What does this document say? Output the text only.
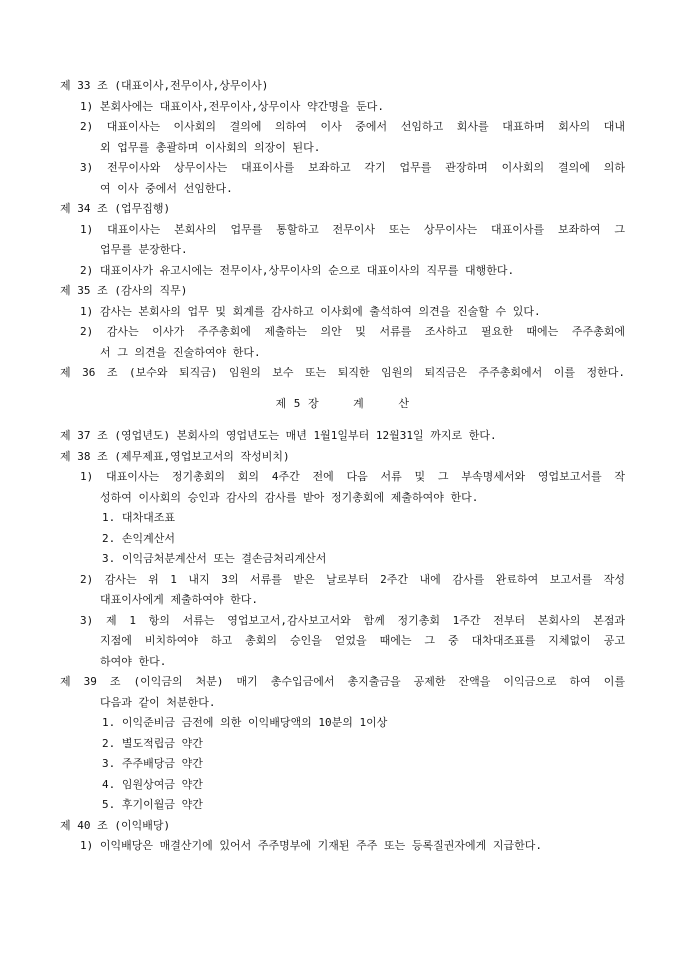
제 33 조 (대표이사,전무이사,상무이사)
1) 본회사에는 대표이사,전무이사,상무이사 약간명을 둔다.
2) 대표이사는 이사회의 결의에 의하여 이사 중에서 선임하고 회사를 대표하며 회사의 대내
외 업무를 총괄하며 이사회의 의장이 된다.
3) 전무이사와 상무이사는 대표이사를 보좌하고 각기 업무를 관장하며 이사회의 결의에 의하
여 이사 중에서 선임한다.
제 34 조 (업무집행)
1) 대표이사는 본회사의 업무를 통할하고 전무이사 또는 상무이사는 대표이사를 보좌하여 그
업무를 분장한다.
2) 대표이사가 유고시에는 전무이사,상무이사의 순으로 대표이사의 직무를 대행한다.
제 35 조 (감사의 직무)
1) 감사는 본회사의 업무 및 회계를 감사하고 이사회에 출석하여 의견을 진술할 수 있다.
2) 감사는 이사가 주주총회에 제출하는 의안 및 서류를 조사하고 필요한 때에는 주주총회에
서 그 의견을 진술하여야 한다.
제 36 조 (보수와 퇴직금) 임원의 보수 또는 퇴직한 임원의 퇴직금은 주주총회에서 이를 정한다.
제 5 장	계	산
제 37 조 (영업년도) 본회사의 영업년도는 매년 1월1일부터 12월31일 까지로 한다.
제 38 조 (제무제표,영업보고서의 작성비치)
1) 대표이사는 정기총회의 회의 4주간 전에 다음 서류 및 그 부속명세서와 영업보고서를 작
성하여 이사회의 승인과 감사의 감사를 받아 정기총회에 제출하여야 한다.
1. 대차대조표
2. 손익계산서
3. 이익금처분계산서 또는 결손금처리계산서
2) 감사는 위 1 내지 3의 서류를 받은 날로부터 2주간 내에 감사를 완료하여 보고서를 작성
대표이사에게 제출하여야 한다.
3) 제 1 항의 서류는 영업보고서,감사보고서와 함께 정기총회 1주간 전부터 본회사의 본점과
지점에 비치하여야 하고 총회의 승인을 얻었을 때에는 그 중 대차대조표를 지체없이 공고
하여야 한다.
제 39 조 (이익금의 처분) 매기 총수입금에서 총지출금을 공제한 잔액을 이익금으로 하여 이를
다음과 같이 처분한다.
1. 이익준비금 금전에 의한 이익배당액의 10분의 1이상
2. 별도적립금 약간
3. 주주배당금 약간
4. 임원상여금 약간
5. 후기이월금 약간
제 40 조 (이익배당)
1) 이익배당은 매결산기에 있어서 주주명부에 기재된 주주 또는 등록질권자에게 지급한다.
